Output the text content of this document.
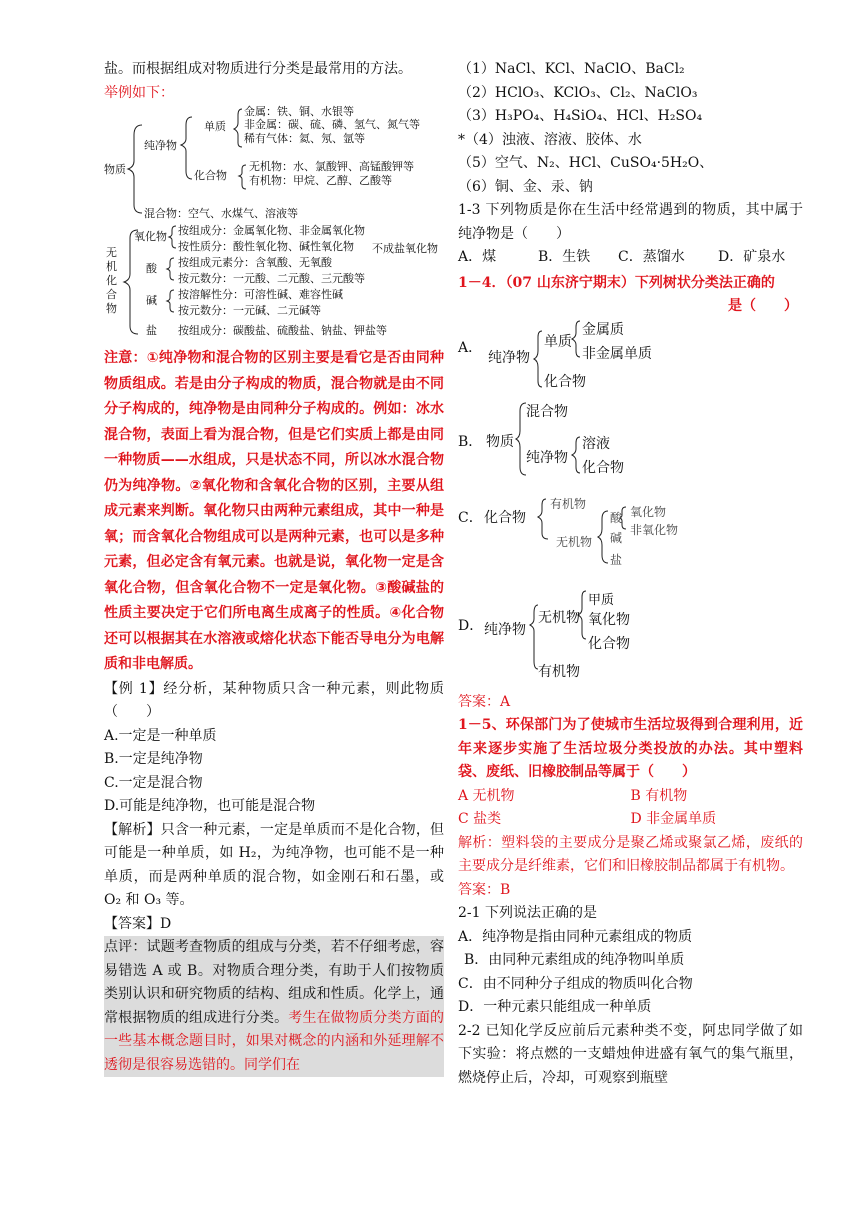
盐。而根据组成对物质进行分类是最常用的方法。

举例如下：

物质
纯净物
混合物：空气、水煤气、溶液等
单质
化合物
金属：铁、铜、水银等
非金属：碳、硫、磷、氢气、氮气等
稀有气体：氦、氖、氩等
无机物：水、氯酸钾、高锰酸钾等
有机物：甲烷、乙醇、乙酸等
无机化合物
氧化物
酸
碱
盐
按组成分：金属氧化物、非金属氧化物
按性质分：酸性氧化物、碱性氧化物 不成盐氧化物
按组成元素分：含氧酸、无氧酸
按元数分：一元酸、二元酸、三元酸等
按溶解性分：可溶性碱、难容性碱
按元数分：一元碱、二元碱等
按组成分：碳酸盐、硫酸盐、钠盐、钾盐等

注意：①纯净物和混合物的区别主要是看它是否由同种物质组成。若是由分子构成的物质，混合物就是由不同分子构成的，纯净物是由同种分子构成的。例如：冰水混合物，表面上看为混合物，但是它们实质上都是由同一种物质——水组成，只是状态不同，所以冰水混合物仍为纯净物。②氧化物和含氧化合物的区别，主要从组成元素来判断。氧化物只由两种元素组成，其中一种是氧；而含氧化合物组成可以是两种元素，也可以是多种元素，但必定含有氧元素。也就是说，氧化物一定是含氧化合物，但含氧化合物不一定是氧化物。③酸碱盐的性质主要决定于它们所电离生成离子的性质。④化合物还可以根据其在水溶液或熔化状态下能否导电分为电解质和非电解质。

【例 1】经分析，某种物质只含一种元素，则此物质（　　）

A.一定是一种单质

B.一定是纯净物

C.一定是混合物

D.可能是纯净物，也可能是混合物

【解析】只含一种元素，一定是单质而不是化合物，但可能是一种单质，如 H₂，为纯净物，也可能不是一种单质，而是两种单质的混合物，如金刚石和石墨，或 O₂ 和 O₃ 等。

【答案】D

点评：试题考查物质的组成与分类，若不仔细考虑，容易错选 A 或 B。对物质合理分类，有助于人们按物质类别认识和研究物质的结构、组成和性质。化学上，通常根据物质的组成进行分类。考生在做物质分类方面的一些基本概念题目时，如果对概念的内涵和外延理解不透彻是很容易选错的。同学们在

（1）NaCl、KCl、NaClO、BaCl₂

（2）HClO₃、KClO₃、Cl₂、NaClO₃

（3）H₃PO₄、H₄SiO₄、HCl、H₂SO₄

*（4）浊液、溶液、胶体、水

（5）空气、N₂、HCl、CuSO₄·5H₂O、

（6）铜、金、汞、钠

1-3 下列物质是你在生活中经常遇到的物质，其中属于纯净物是（　　）

A．煤	B．生铁	C．蒸馏水	D．矿泉水

1－4．（07 山东济宁期末）下列树状分类法正确的
是（　　）

A．
纯净物
单质
金属质
非金属单质
化合物
B． 物质
混合物
纯净物
溶液
化合物
C． 化合物
有机物
无机物
酸
碱
盐
氧化物
非氧化物
D． 纯净物
无机物
甲质
氧化物
化合物
有机物

答案：A

1－5、环保部门为了使城市生活垃圾得到合理利用，近年来逐步实施了生活垃圾分类投放的办法。其中塑料袋、废纸、旧橡胶制品等属于（　　）

A 无机物	B 有机物
C 盐类	D 非金属单质

解析：塑料袋的主要成分是聚乙烯或聚氯乙烯，废纸的主要成分是纤维素，它们和旧橡胶制品都属于有机物。

答案：B

2-1 下列说法正确的是

A．纯净物是指由同种元素组成的物质

B．由同种元素组成的纯净物叫单质

C．由不同种分子组成的物质叫化合物

D．一种元素只能组成一种单质

2-2 已知化学反应前后元素种类不变，阿忠同学做了如下实验：将点燃的一支蜡烛伸进盛有氧气的集气瓶里，燃烧停止后，冷却，可观察到瓶壁
